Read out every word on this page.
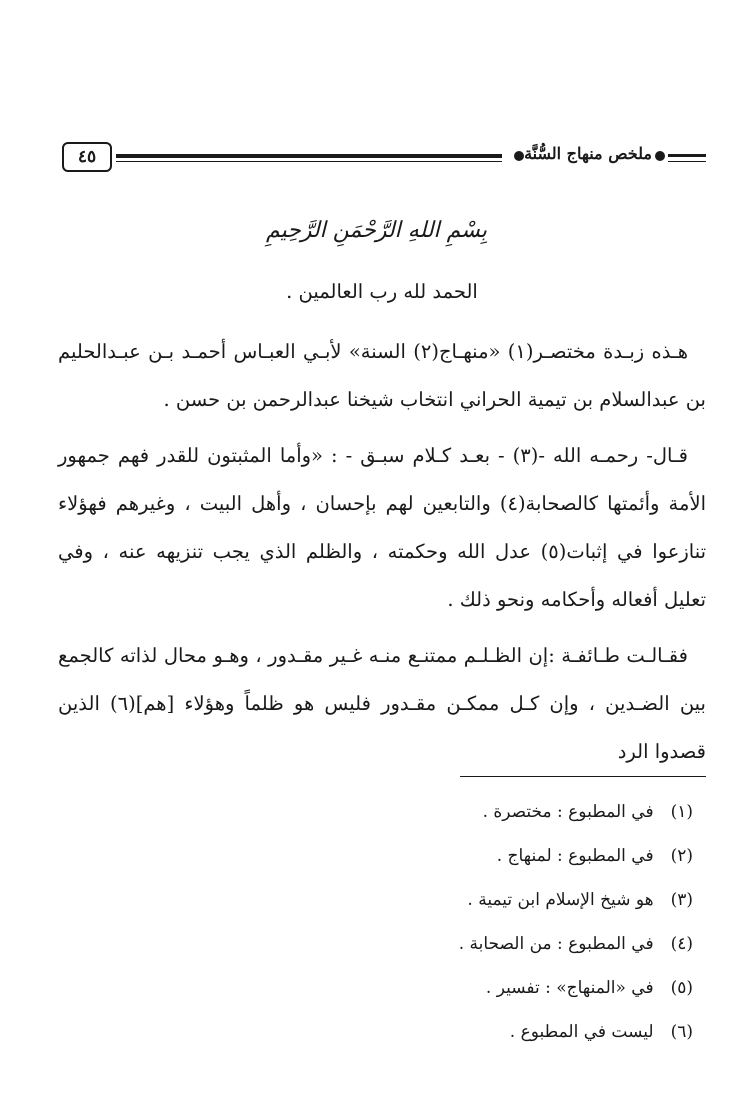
٤٥	ملخص منهاج السُّنَّة
بِسْمِ اللهِ الرَّحْمَنِ الرَّحِيمِ

الحمد لله رب العالمين .

هـذه زبـدة مختصـر(١) «منهـاج(٢) السنة» لأبـي العبـاس أحمـد بـن عبـدالحليم بن عبدالسلام بن تيمية الحراني انتخاب شيخنا عبدالرحمن بن حسن .

قـال- رحمـه الله -(٣) - بعـد كـلام سبـق - : «وأما المثبتون للقدر فهم جمهور الأمة وأئمتها كالصحابة(٤) والتابعين لهم بإحسان ، وأهل البيت ، وغيرهم فهؤلاء تنازعوا في إثبات(٥) عدل الله وحكمته ، والظلم الذي يجب تنزيهه عنه ، وفي تعليل أفعاله وأحكامه ونحو ذلك .

فقـالـت طـائفـة :إن الظـلـم ممتنـع منـه غـير مقـدور ، وهـو محال لذاته كالجمع بين الضـدين ، وإن كـل ممكـن مقـدور فليس هو ظلماً وهؤلاء [هم](٦) الذين قصدوا الرد

(١) في المطبوع : مختصرة .
(٢) في المطبوع : لمنهاج .
(٣) هو شيخ الإسلام ابن تيمية .
(٤) في المطبوع : من الصحابة .
(٥) في «المنهاج» : تفسير .
(٦) ليست في المطبوع .
